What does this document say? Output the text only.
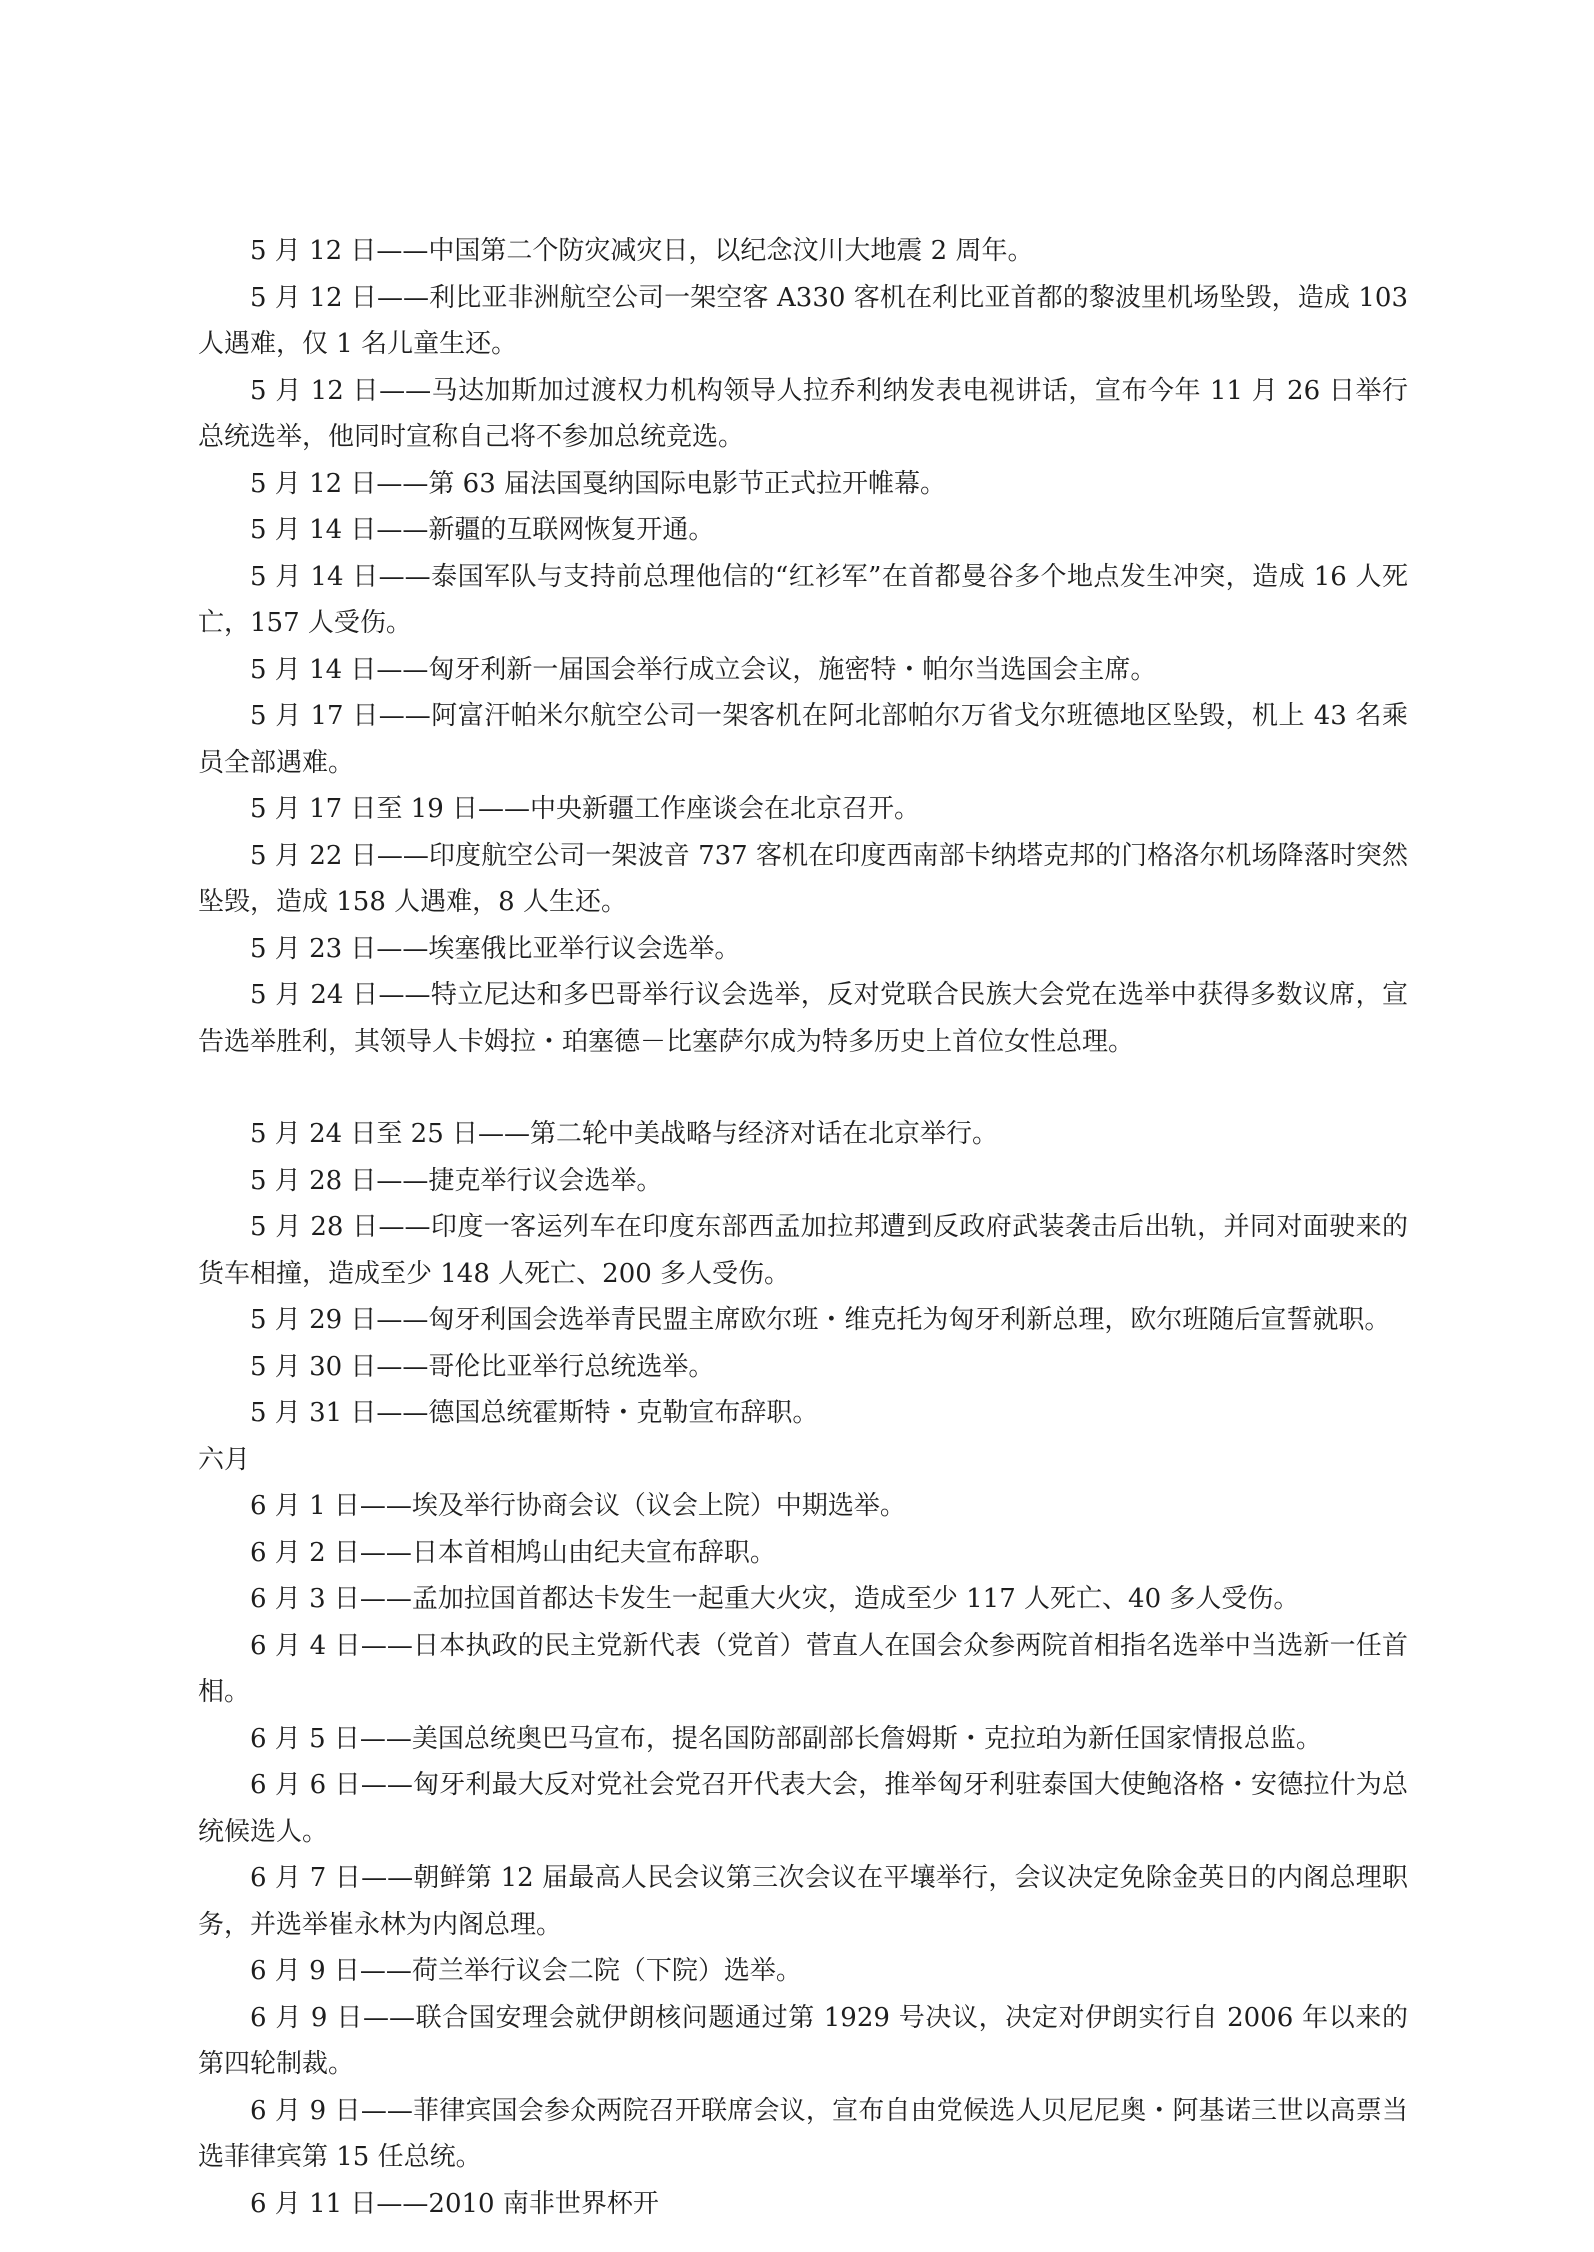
5 月 12 日——中国第二个防灾减灾日，以纪念汶川大地震 2 周年。

5 月 12 日——利比亚非洲航空公司一架空客 A330 客机在利比亚首都的黎波里机场坠毁，造成 103 人遇难，仅 1 名儿童生还。

5 月 12 日——马达加斯加过渡权力机构领导人拉乔利纳发表电视讲话，宣布今年 11 月 26 日举行总统选举，他同时宣称自己将不参加总统竞选。

5 月 12 日——第 63 届法国戛纳国际电影节正式拉开帷幕。

5 月 14 日——新疆的互联网恢复开通。

5 月 14 日——泰国军队与支持前总理他信的“红衫军”在首都曼谷多个地点发生冲突，造成 16 人死亡，157 人受伤。

5 月 14 日——匈牙利新一届国会举行成立会议，施密特・帕尔当选国会主席。

5 月 17 日——阿富汗帕米尔航空公司一架客机在阿北部帕尔万省戈尔班德地区坠毁，机上 43 名乘员全部遇难。

5 月 17 日至 19 日——中央新疆工作座谈会在北京召开。

5 月 22 日——印度航空公司一架波音 737 客机在印度西南部卡纳塔克邦的门格洛尔机场降落时突然坠毁，造成 158 人遇难，8 人生还。

5 月 23 日——埃塞俄比亚举行议会选举。

5 月 24 日——特立尼达和多巴哥举行议会选举，反对党联合民族大会党在选举中获得多数议席，宣告选举胜利，其领导人卡姆拉・珀塞德－比塞萨尔成为特多历史上首位女性总理。

5 月 24 日至 25 日——第二轮中美战略与经济对话在北京举行。

5 月 28 日——捷克举行议会选举。

5 月 28 日——印度一客运列车在印度东部西孟加拉邦遭到反政府武装袭击后出轨，并同对面驶来的货车相撞，造成至少 148 人死亡、200 多人受伤。

5 月 29 日——匈牙利国会选举青民盟主席欧尔班・维克托为匈牙利新总理，欧尔班随后宣誓就职。

5 月 30 日——哥伦比亚举行总统选举。

5 月 31 日——德国总统霍斯特・克勒宣布辞职。

六月

6 月 1 日——埃及举行协商会议（议会上院）中期选举。

6 月 2 日——日本首相鸠山由纪夫宣布辞职。

6 月 3 日——孟加拉国首都达卡发生一起重大火灾，造成至少 117 人死亡、40 多人受伤。

6 月 4 日——日本执政的民主党新代表（党首）菅直人在国会众参两院首相指名选举中当选新一任首相。

6 月 5 日——美国总统奥巴马宣布，提名国防部副部长詹姆斯・克拉珀为新任国家情报总监。

6 月 6 日——匈牙利最大反对党社会党召开代表大会，推举匈牙利驻泰国大使鲍洛格・安德拉什为总统候选人。

6 月 7 日——朝鲜第 12 届最高人民会议第三次会议在平壤举行，会议决定免除金英日的内阁总理职务，并选举崔永林为内阁总理。

6 月 9 日——荷兰举行议会二院（下院）选举。

6 月 9 日——联合国安理会就伊朗核问题通过第 1929 号决议，决定对伊朗实行自 2006 年以来的第四轮制裁。

6 月 9 日——菲律宾国会参众两院召开联席会议，宣布自由党候选人贝尼尼奥・阿基诺三世以高票当选菲律宾第 15 任总统。

6 月 11 日——2010 南非世界杯开
